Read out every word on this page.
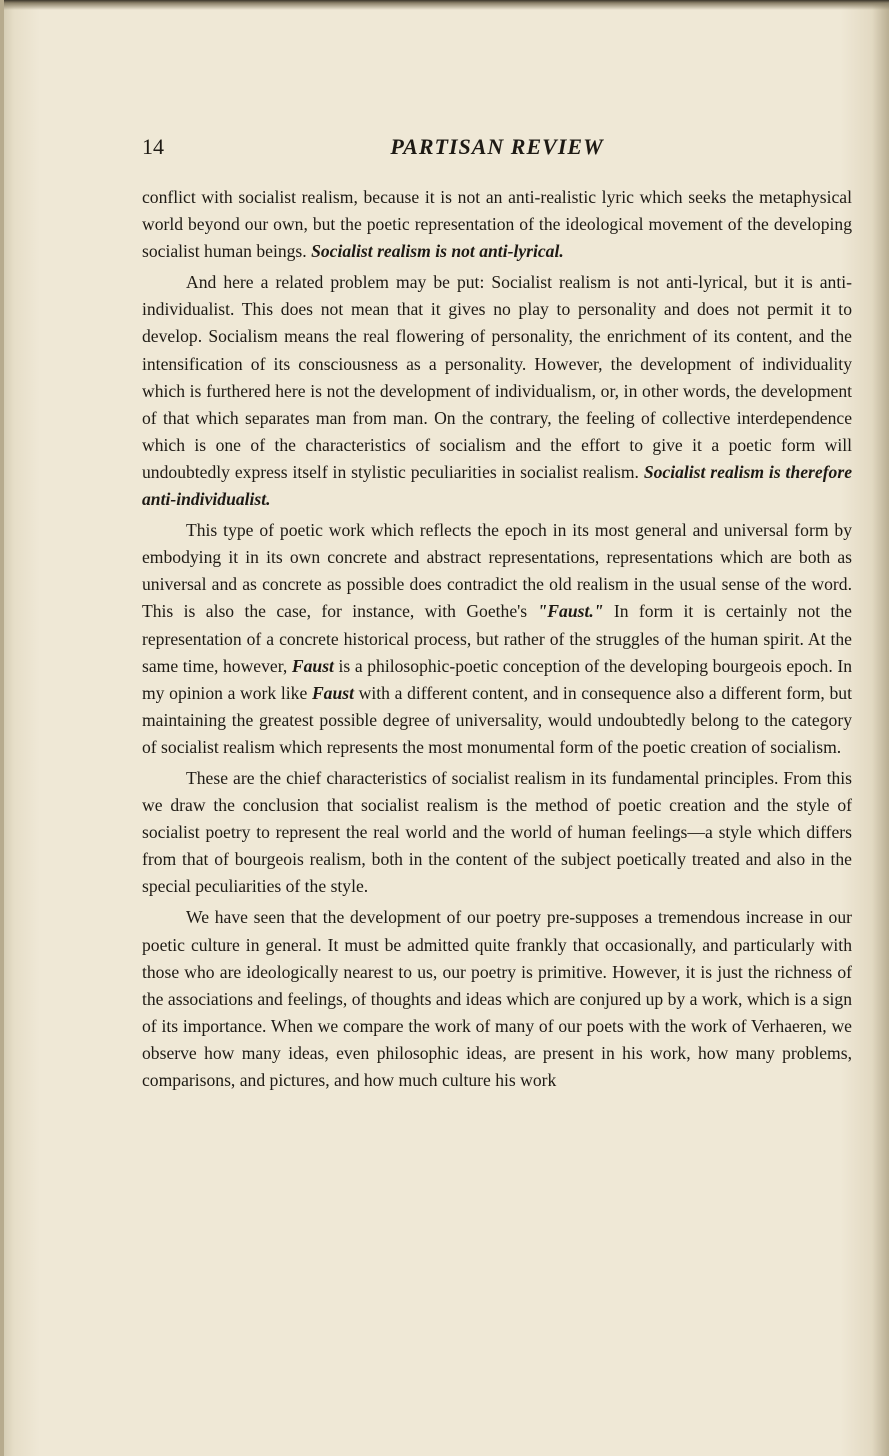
14	PARTISAN REVIEW

conflict with socialist realism, because it is not an anti-realistic lyric which seeks the metaphysical world beyond our own, but the poetic representation of the ideological movement of the developing socialist human beings. Socialist realism is not anti-lyrical.

And here a related problem may be put: Socialist realism is not anti-lyrical, but it is anti-individualist. This does not mean that it gives no play to personality and does not permit it to develop. Socialism means the real flowering of personality, the enrichment of its content, and the intensification of its consciousness as a personality. However, the development of individuality which is furthered here is not the development of individualism, or, in other words, the development of that which separates man from man. On the contrary, the feeling of collective interdependence which is one of the characteristics of socialism and the effort to give it a poetic form will undoubtedly express itself in stylistic peculiarities in socialist realism. Socialist realism is therefore anti-individualist.

This type of poetic work which reflects the epoch in its most general and universal form by embodying it in its own concrete and abstract representations, representations which are both as universal and as concrete as possible does contradict the old realism in the usual sense of the word. This is also the case, for instance, with Goethe's "Faust." In form it is certainly not the representation of a concrete historical process, but rather of the struggles of the human spirit. At the same time, however, Faust is a philosophic-poetic conception of the developing bourgeois epoch. In my opinion a work like Faust with a different content, and in consequence also a different form, but maintaining the greatest possible degree of universality, would undoubtedly belong to the category of socialist realism which represents the most monumental form of the poetic creation of socialism.

These are the chief characteristics of socialist realism in its fundamental principles. From this we draw the conclusion that socialist realism is the method of poetic creation and the style of socialist poetry to represent the real world and the world of human feelings—a style which differs from that of bourgeois realism, both in the content of the subject poetically treated and also in the special peculiarities of the style.

We have seen that the development of our poetry pre-supposes a tremendous increase in our poetic culture in general. It must be admitted quite frankly that occasionally, and particularly with those who are ideologically nearest to us, our poetry is primitive. However, it is just the richness of the associations and feelings, of thoughts and ideas which are conjured up by a work, which is a sign of its importance. When we compare the work of many of our poets with the work of Verhaeren, we observe how many ideas, even philosophic ideas, are present in his work, how many problems, comparisons, and pictures, and how much culture his work
